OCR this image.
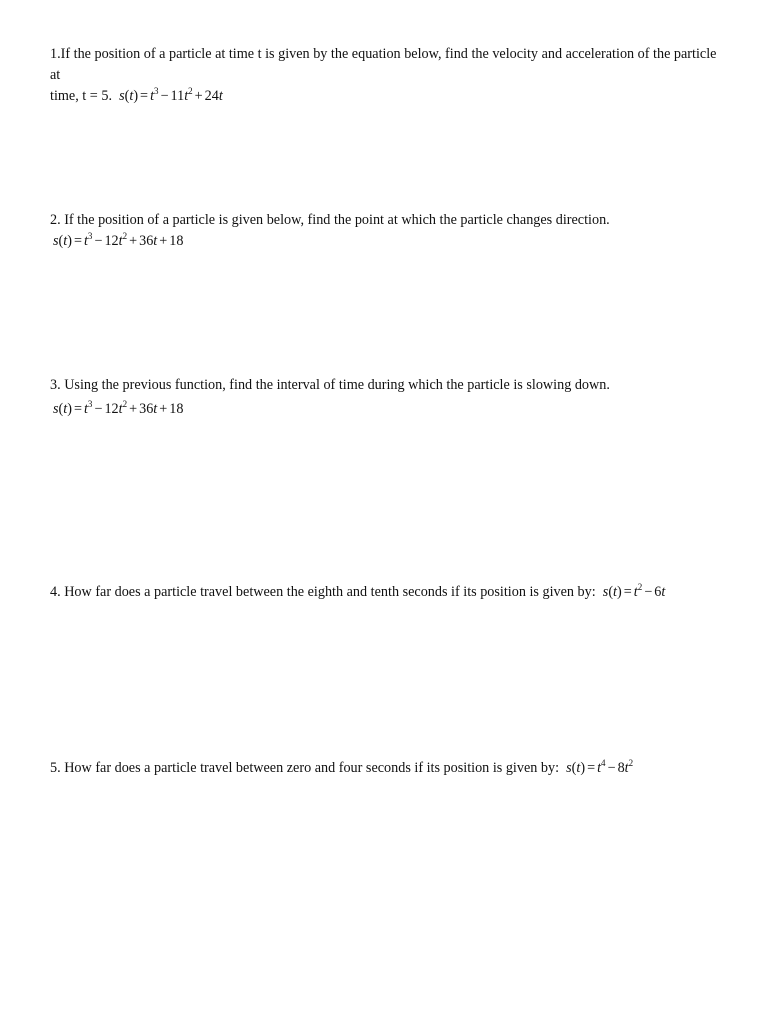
1.If the position of a particle at time t is given by the equation below, find the velocity and acceleration of the particle at
time, t = 5. $s(t) = t^3 - 11t^2 + 24t$
2. If the position of a particle is given below, find the point at which the particle changes direction.
$s(t) = t^3 - 12t^2 + 36t + 18$
3. Using the previous function, find the interval of time during which the particle is slowing down.
$s(t) = t^3 - 12t^2 + 36t + 18$
4. How far does a particle travel between the eighth and tenth seconds if its position is given by: $s(t) = t^2 - 6t$
5. How far does a particle travel between zero and four seconds if its position is given by: $s(t) = t^4 - 8t^2$
